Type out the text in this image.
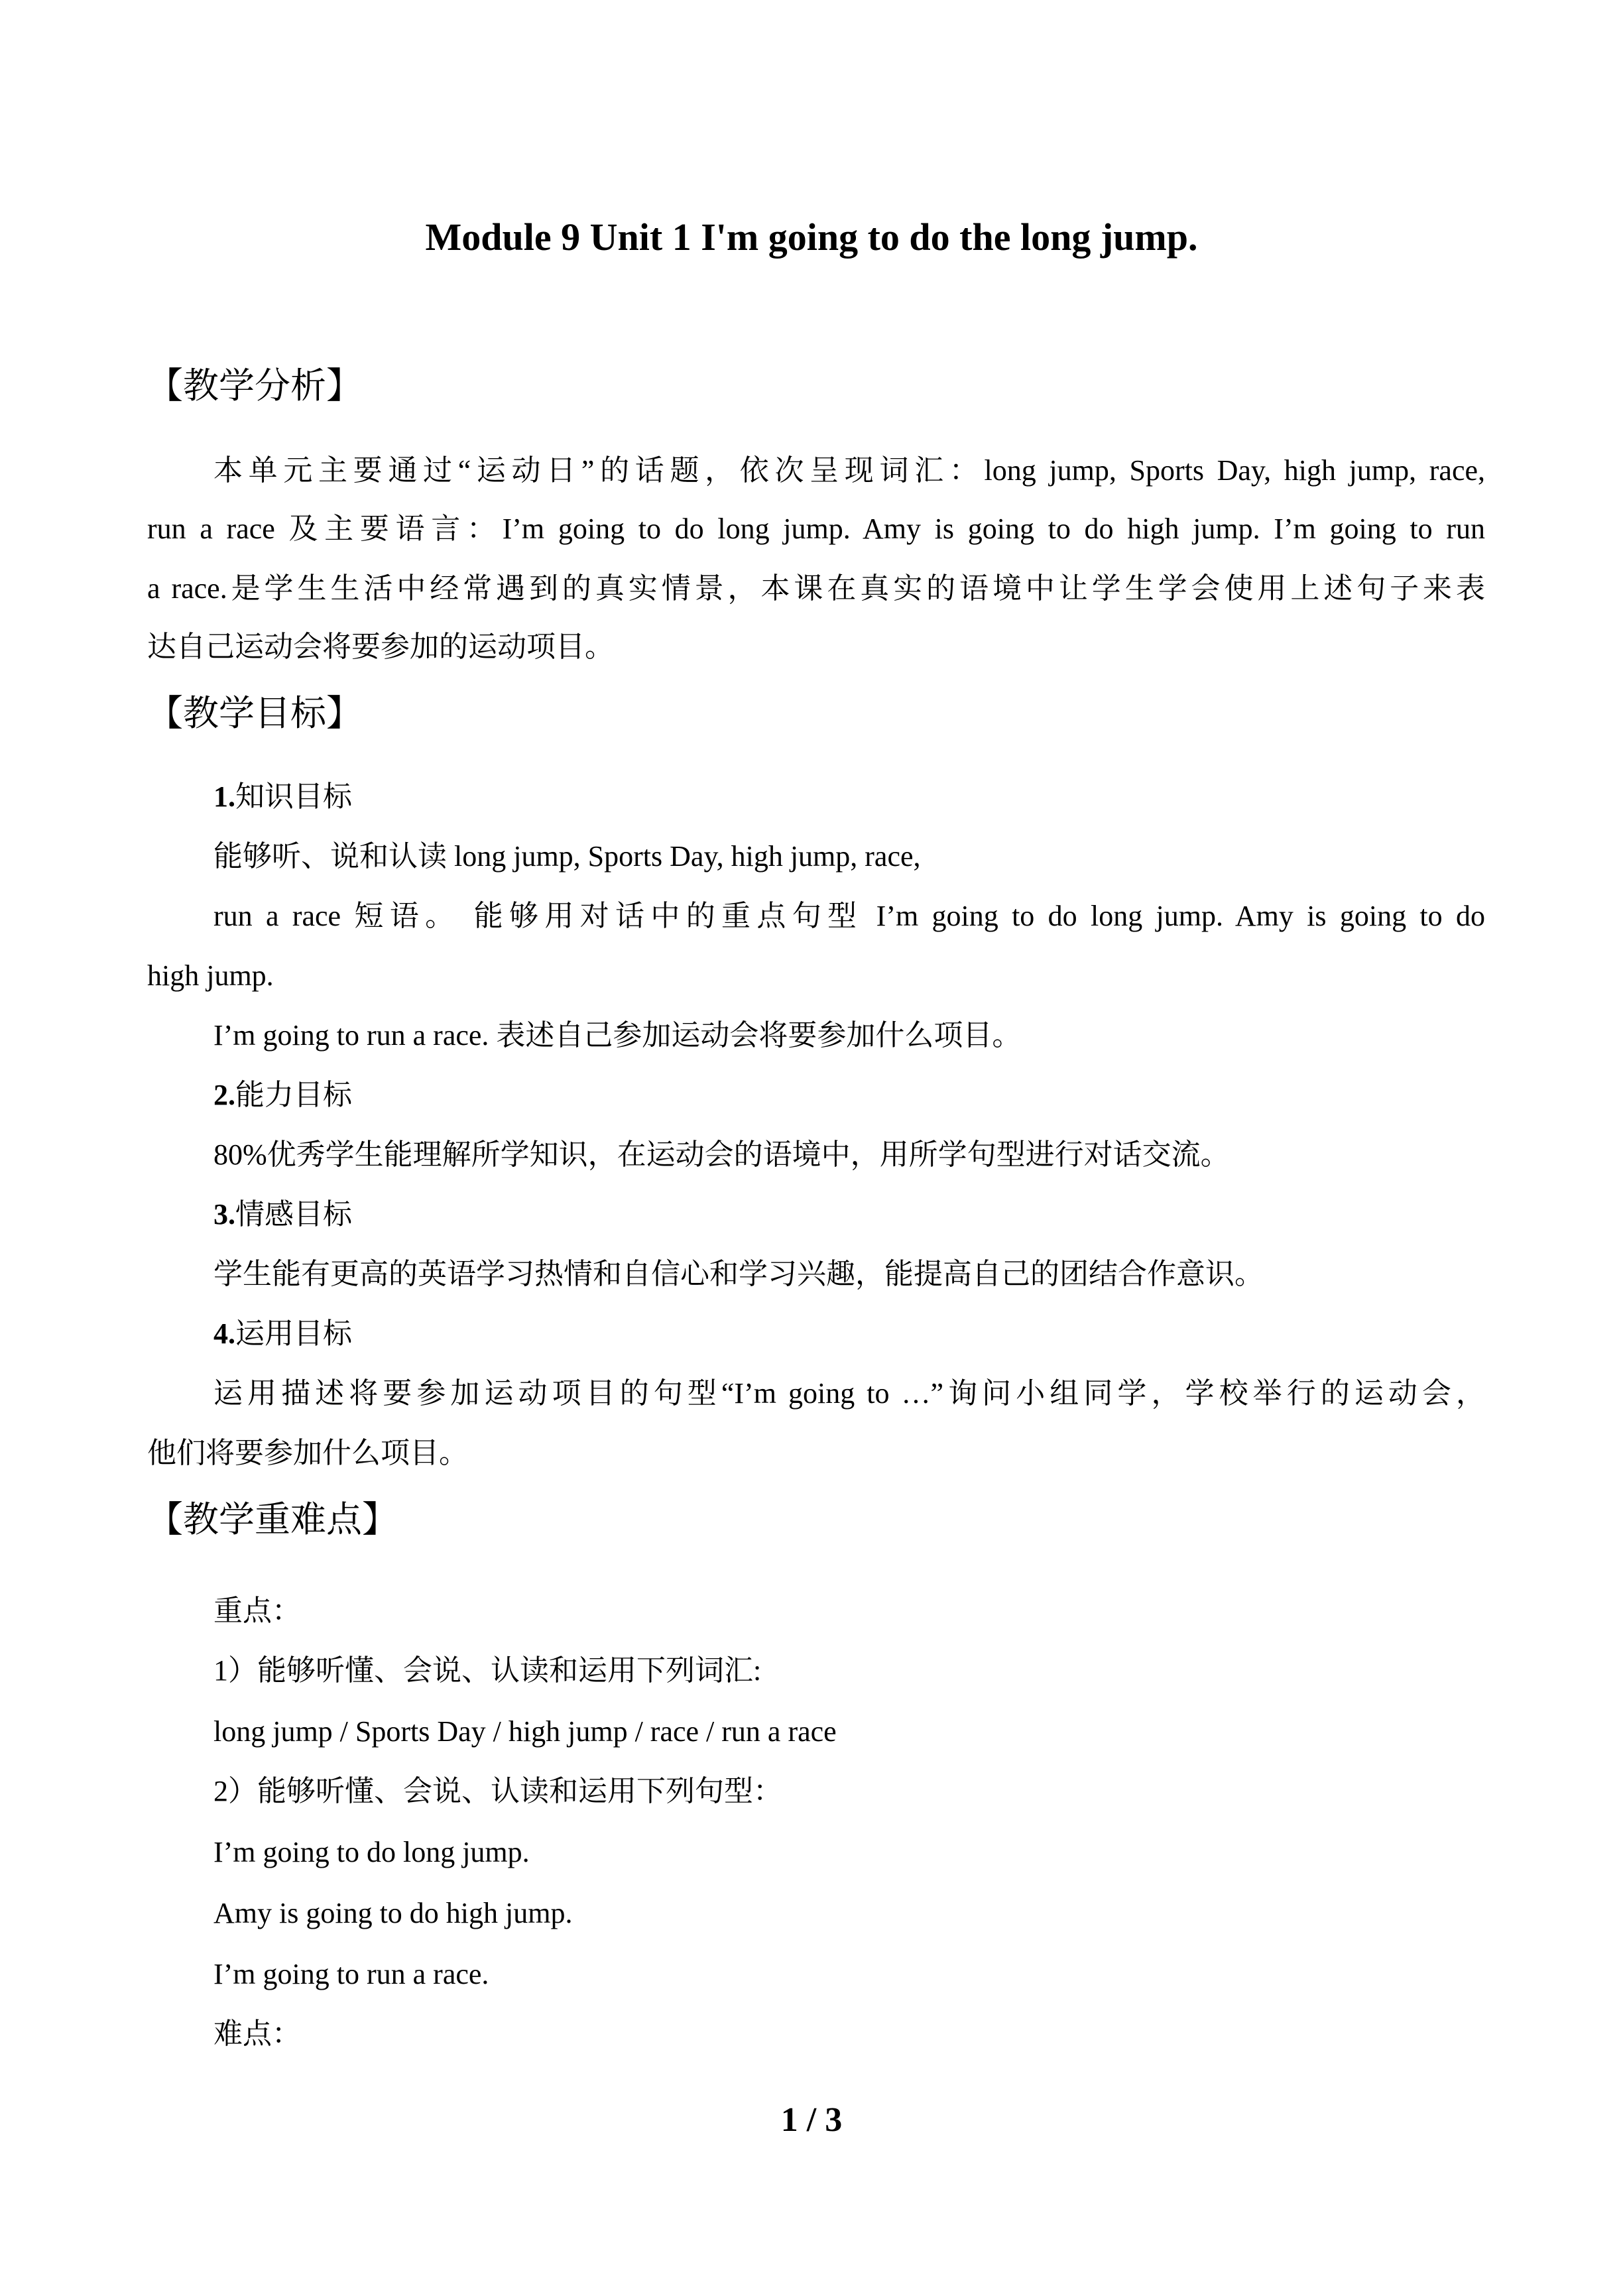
Module 9 Unit 1 I'm going to do the long jump.
【教学分析】
本单元主要通过“运动日”的话题，依次呈现词汇：long jump, Sports Day, high jump, race,
run a race 及主要语言：I’m going to do long jump. Amy is going to do high jump. I’m going to run
a race.是学生生活中经常遇到的真实情景，本课在真实的语境中让学生学会使用上述句子来表
达自己运动会将要参加的运动项目。
【教学目标】
1.知识目标
能够听、说和认读 long jump, Sports Day, high jump, race,
run a race 短语。 能够用对话中的重点句型 I’m going to do long jump. Amy is going to do
high jump.
I’m going to run a race. 表述自己参加运动会将要参加什么项目。
2.能力目标
80%优秀学生能理解所学知识，在运动会的语境中，用所学句型进行对话交流。
3.情感目标
学生能有更高的英语学习热情和自信心和学习兴趣，能提高自己的团结合作意识。
4.运用目标
运用描述将要参加运动项目的句型“I’m going to …”询问小组同学，学校举行的运动会，
他们将要参加什么项目。
【教学重难点】
重点：
1）能够听懂、会说、认读和运用下列词汇:
long jump / Sports Day / high jump / race / run a race
2）能够听懂、会说、认读和运用下列句型：
I’m going to do long jump.
Amy is going to do high jump.
I’m going to run a race.
难点：
1 / 3
